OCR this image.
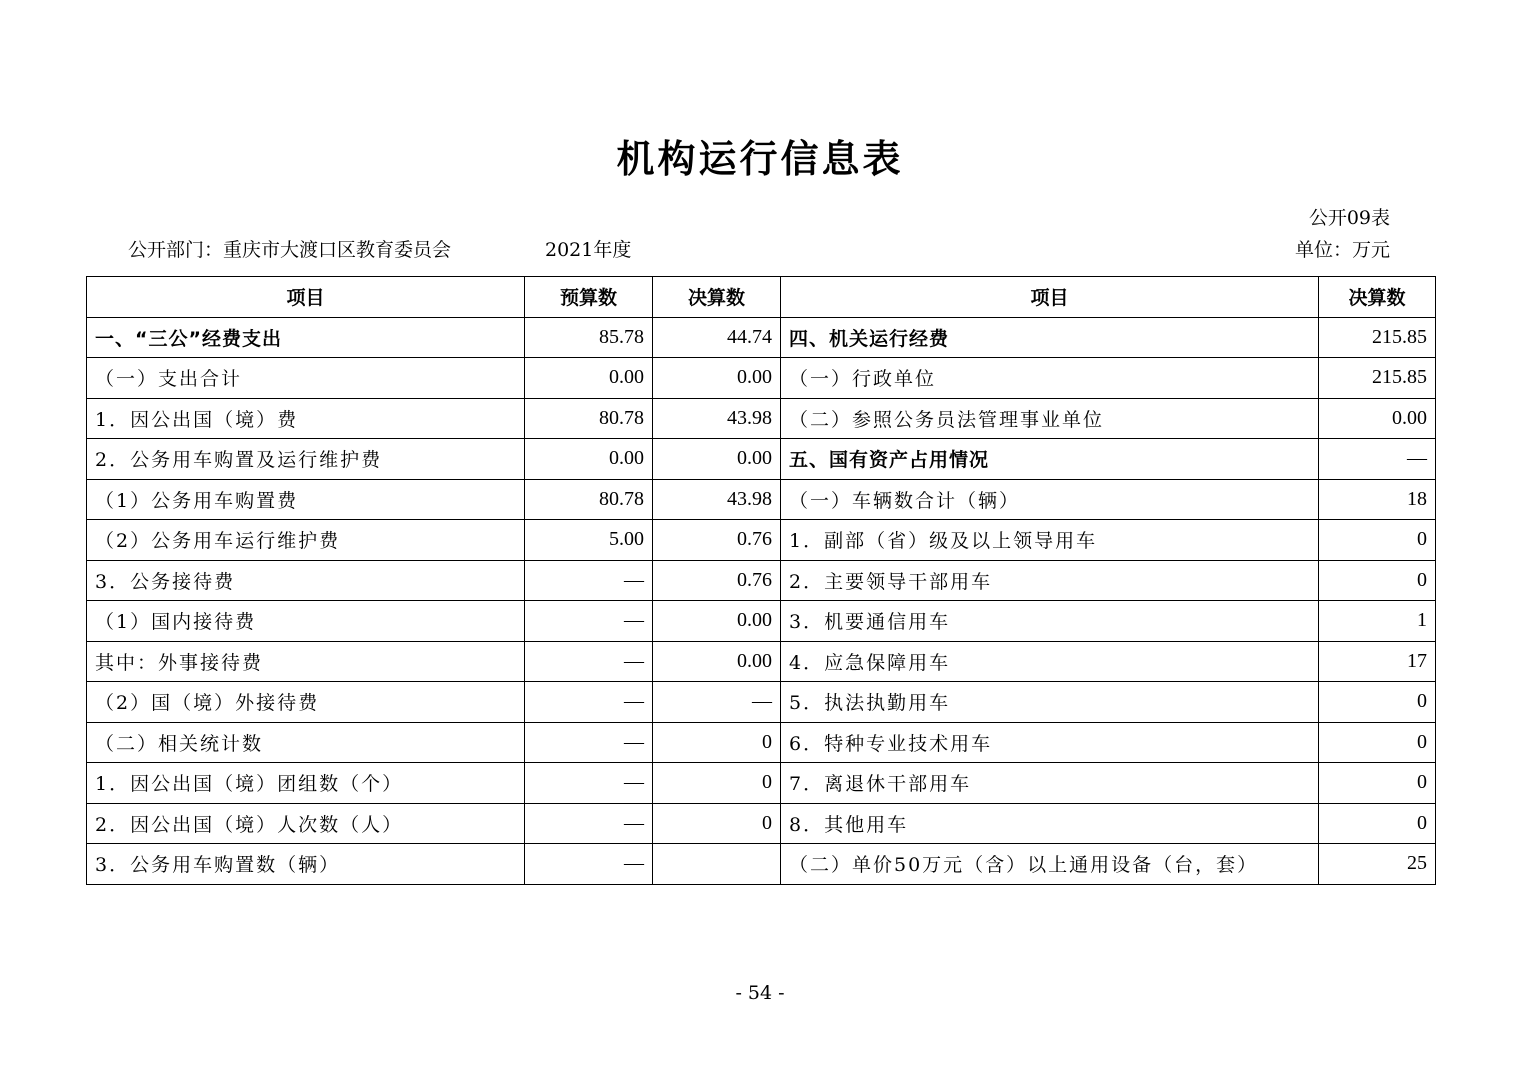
机构运行信息表
公开09表
公开部门：重庆市大渡口区教育委员会	2021年度	单位：万元
项目	预算数	决算数	项目	决算数
一、“三公”经费支出	85.78	44.74	四、机关运行经费	215.85
（一）支出合计	0.00	0.00	（一）行政单位	215.85
1．因公出国（境）费	80.78	43.98	（二）参照公务员法管理事业单位	0.00
2．公务用车购置及运行维护费	0.00	0.00	五、国有资产占用情况	—
（1）公务用车购置费	80.78	43.98	（一）车辆数合计（辆）	18
（2）公务用车运行维护费	5.00	0.76	1．副部（省）级及以上领导用车	0
3．公务接待费	—	0.76	2．主要领导干部用车	0
（1）国内接待费	—	0.00	3．机要通信用车	1
其中：外事接待费	—	0.00	4．应急保障用车	17
（2）国（境）外接待费	—	—	5．执法执勤用车	0
（二）相关统计数	—	0	6．特种专业技术用车	0
1．因公出国（境）团组数（个）	—	0	7．离退休干部用车	0
2．因公出国（境）人次数（人）	—	0	8．其他用车	0
3．公务用车购置数（辆）	—		（二）单价50万元（含）以上通用设备（台，套）	25
- 54 -
